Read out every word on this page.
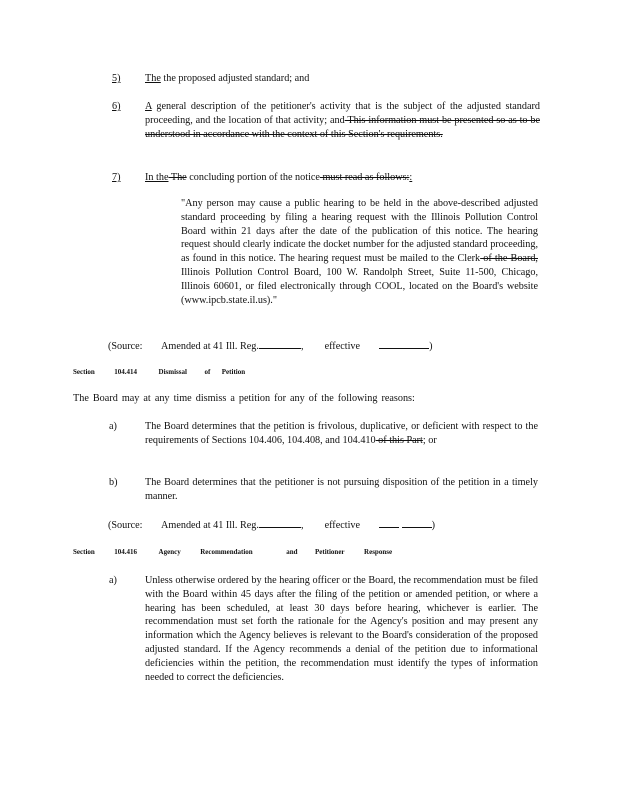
5) The the proposed adjusted standard; and
6) A general description of the petitioner's activity that is the subject of the adjusted standard proceeding, and the location of that activity; and This information must be presented so as to be understood in accordance with the context of this Section's requirements.
7) In the The concluding portion of the notice must read as follows::
"Any person may cause a public hearing to be held in the above-described adjusted standard proceeding by filing a hearing request with the Illinois Pollution Control Board within 21 days after the date of the publication of this notice. The hearing request should clearly indicate the docket number for the adjusted standard proceeding, as found in this notice. The hearing request must be mailed to the Clerk of the Board, Illinois Pollution Control Board, 100 W. Randolph Street, Suite 11-500, Chicago, Illinois 60601, or filed electronically through COOL, located on the Board's website (www.ipcb.state.il.us)."
(Source: Amended at 41 Ill. Reg.	,  effective	)
Section	104.414	Dismissal	of Petition
The Board may at any time dismiss a petition for any of the following reasons:
a)	The Board determines that the petition is frivolous, duplicative, or deficient with respect to the requirements of Sections 104.406, 104.408, and 104.410 of this Part; or
b)	The Board determines that the petitioner is not pursuing disposition of the petition in a timely manner.
(Source: Amended at 41 Ill. Reg.	,  effective	)
Section	104.416	Agency	Recommendation	and	Petitioner	Response
a)	Unless otherwise ordered by the hearing officer or the Board, the recommendation must be filed with the Board within 45 days after the filing of the petition or amended petition, or where a hearing has been scheduled, at least 30 days before hearing, whichever is earlier. The recommendation must set forth the rationale for the Agency's position and may present any information which the Agency believes is relevant to the Board's consideration of the proposed adjusted standard. If the Agency recommends a denial of the petition due to informational deficiencies within the petition, the recommendation must identify the types of information needed to correct the deficiencies.
